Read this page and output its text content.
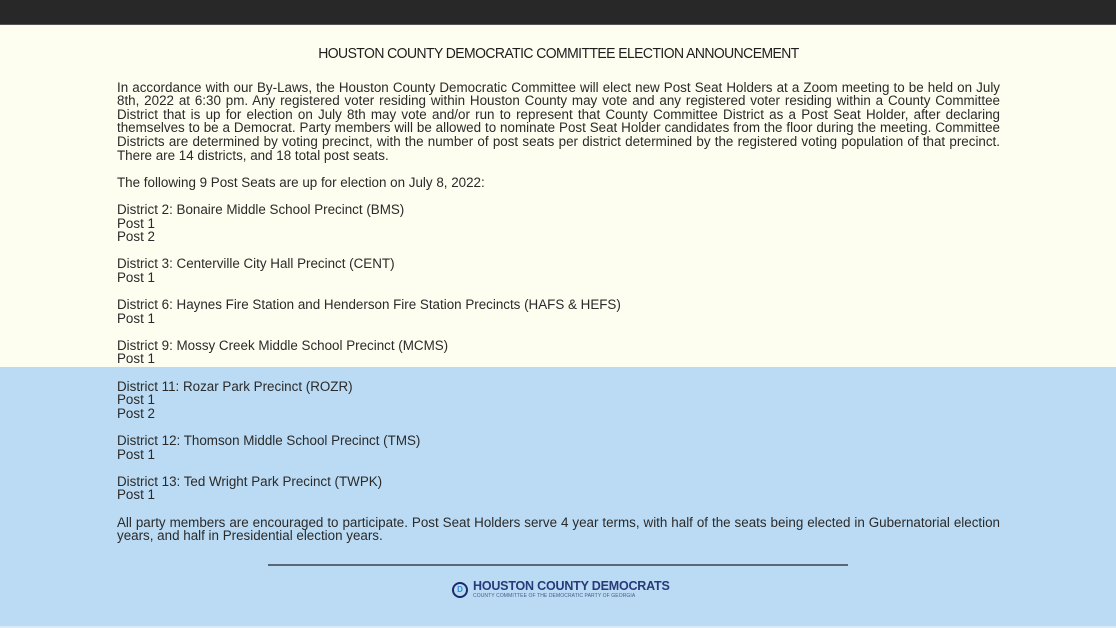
HOUSTON COUNTY DEMOCRATIC COMMITTEE ELECTION ANNOUNCEMENT

In accordance with our By-Laws, the Houston County Democratic Committee will elect new Post Seat Holders at a Zoom meeting to be held on July 8th, 2022 at 6:30 pm. Any registered voter residing within Houston County may vote and any registered voter residing within a County Committee District that is up for election on July 8th may vote and/or run to represent that County Committee District as a Post Seat Holder, after declaring themselves to be a Democrat. Party members will be allowed to nominate Post Seat Holder candidates from the floor during the meeting. Committee Districts are determined by voting precinct, with the number of post seats per district determined by the registered voting population of that precinct. There are 14 districts, and 18 total post seats.

The following 9 Post Seats are up for election on July 8, 2022:

District 2: Bonaire Middle School Precinct (BMS)
Post 1
Post 2
District 3: Centerville City Hall Precinct (CENT)
Post 1
District 6: Haynes Fire Station and Henderson Fire Station Precincts (HAFS & HEFS)
Post 1
District 9: Mossy Creek Middle School Precinct (MCMS)
Post 1
District 11: Rozar Park Precinct (ROZR)
Post 1
Post 2
District 12: Thomson Middle School Precinct (TMS)
Post 1
District 13: Ted Wright Park Precinct (TWPK)
Post 1

All party members are encouraged to participate. Post Seat Holders serve 4 year terms, with half of the seats being elected in Gubernatorial election years, and half in Presidential election years.

D HOUSTON COUNTY DEMOCRATS
COUNTY COMMITTEE OF THE DEMOCRATIC PARTY OF GEORGIA
